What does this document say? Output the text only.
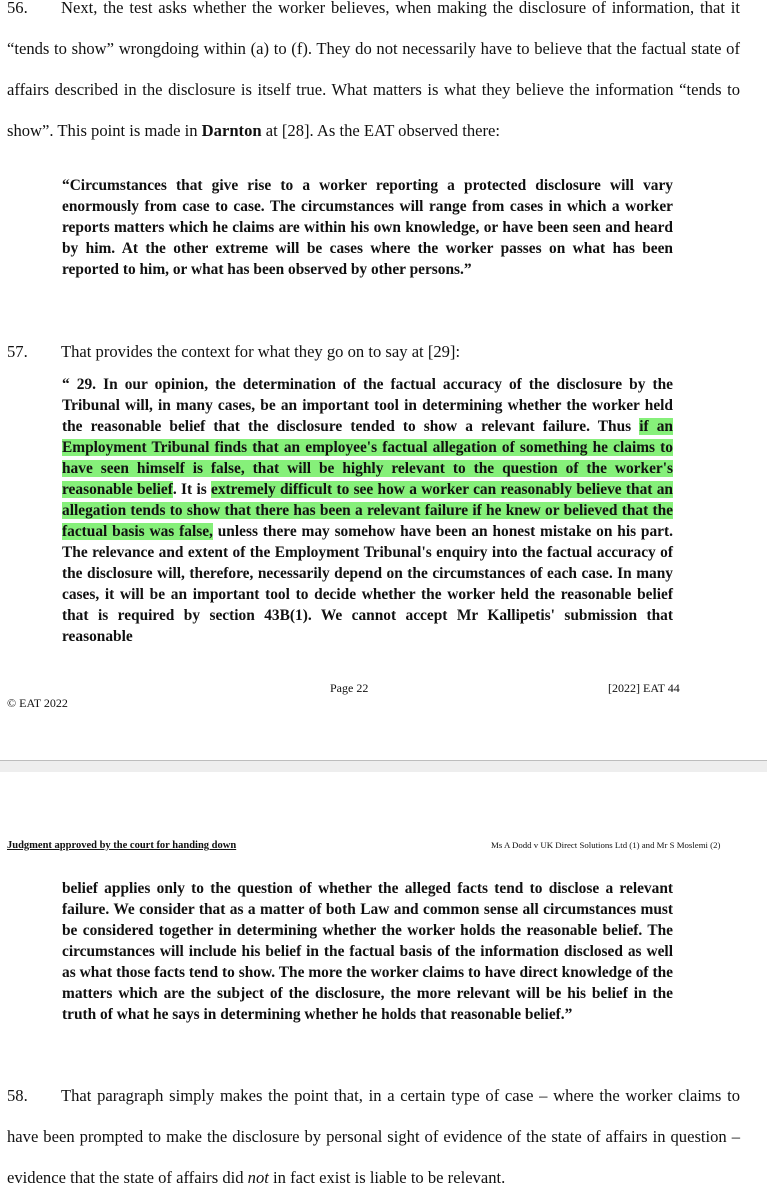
56. Next, the test asks whether the worker believes, when making the disclosure of information, that it “tends to show” wrongdoing within (a) to (f). They do not necessarily have to believe that the factual state of affairs described in the disclosure is itself true. What matters is what they believe the information “tends to show”. This point is made in Darnton at [28]. As the EAT observed there:

“Circumstances that give rise to a worker reporting a protected disclosure will vary enormously from case to case. The circumstances will range from cases in which a worker reports matters which he claims are within his own knowledge, or have been seen and heard by him. At the other extreme will be cases where the worker passes on what has been reported to him, or what has been observed by other persons.”

57. That provides the context for what they go on to say at [29]:

“ 29. In our opinion, the determination of the factual accuracy of the disclosure by the Tribunal will, in many cases, be an important tool in determining whether the worker held the reasonable belief that the disclosure tended to show a relevant failure. Thus if an Employment Tribunal finds that an employee's factual allegation of something he claims to have seen himself is false, that will be highly relevant to the question of the worker's reasonable belief. It is extremely difficult to see how a worker can reasonably believe that an allegation tends to show that there has been a relevant failure if he knew or believed that the factual basis was false, unless there may somehow have been an honest mistake on his part. The relevance and extent of the Employment Tribunal's enquiry into the factual accuracy of the disclosure will, therefore, necessarily depend on the circumstances of each case. In many cases, it will be an important tool to decide whether the worker held the reasonable belief that is required by section 43B(1). We cannot accept Mr Kallipetis' submission that reasonable

Page 22	[2022] EAT 44
© EAT 2022
Judgment approved by the court for handing down	Ms A Dodd v UK Direct Solutions Ltd (1) and Mr S Moslemi (2)

belief applies only to the question of whether the alleged facts tend to disclose a relevant failure. We consider that as a matter of both Law and common sense all circumstances must be considered together in determining whether the worker holds the reasonable belief. The circumstances will include his belief in the factual basis of the information disclosed as well as what those facts tend to show. The more the worker claims to have direct knowledge of the matters which are the subject of the disclosure, the more relevant will be his belief in the truth of what he says in determining whether he holds that reasonable belief.”

58. That paragraph simply makes the point that, in a certain type of case – where the worker claims to have been prompted to make the disclosure by personal sight of evidence of the state of affairs in question – evidence that the state of affairs did not in fact exist is liable to be relevant.
